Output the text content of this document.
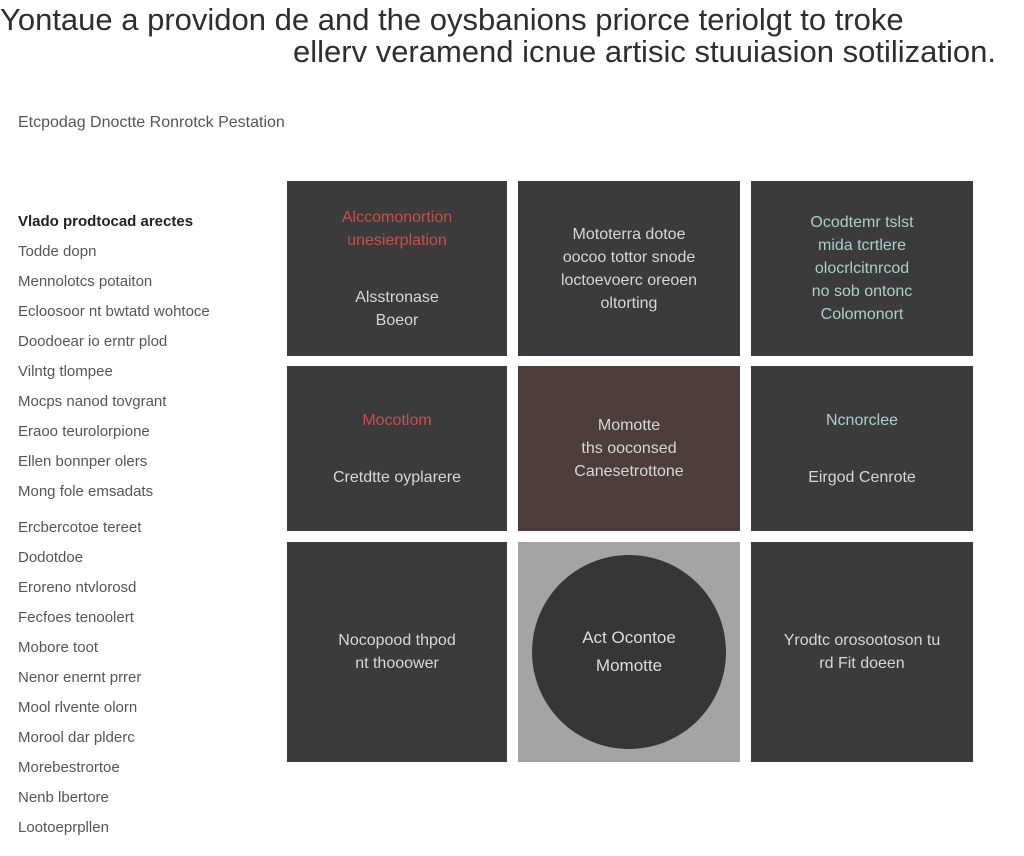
Yontaue a providon de and the oysbanions priorce teriolgt to troke
ellerv veramend icnue artisic stuuiasion sotilization.
Etcpodag Dnoctte Ronrotck Pestation
Vlado prodtocad arectes
Todde dopn
Mennolotcs potaiton
Ecloosoor nt bwtatd wohtoce
Doodoear io erntr plod
Vilntg tlompee
Mocps nanod tovgrant
Eraoo teurolorpione
Ellen bonnper olers
Mong fole emsadats
Ercbercotoe tereet
Dodotdoe
Eroreno ntvlorosd
Fecfoes tenoolert
Mobore toot
Nenor enernt prrer
Mool rlvente olorn
Morool dar plderc
Morebestrortoe
Nenb lbertore
Lootoeprpllen
Alccomonortion
unesierplation
Alsstronase
Boeor
Mototerra dotoe
oocoo tottor snode
loctoevoerc oreoen
oltorting
Ocodtemr tslst
mida tcrtlere
olocrlcitnrcod
no sob ontonc
Colomonort
Mocotlom
Cretdtte oyplarere
Momotte
ths ooconsed
Canesetrottone
Ncnorclee
Eirgod Cenrote
Nocopood thpod
nt thooower
Act Ocontoe
Momotte
Yrodtc orosootoson tu
rd Fit doeen
